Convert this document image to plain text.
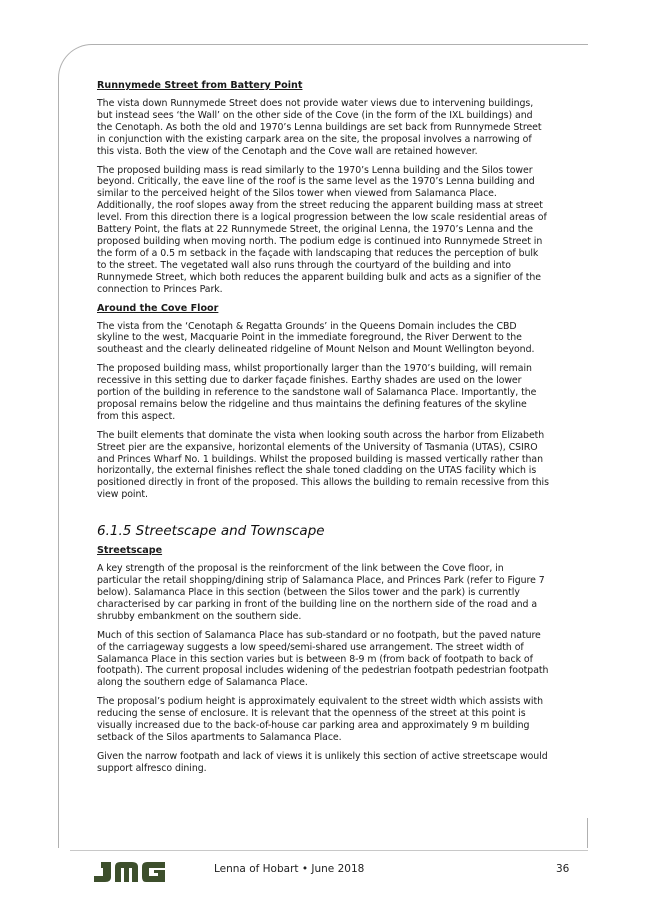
Runnymede Street from Battery Point

The vista down Runnymede Street does not provide water views due to intervening buildings, but instead sees ‘the Wall’ on the other side of the Cove (in the form of the IXL buildings) and the Cenotaph. As both the old and 1970’s Lenna buildings are set back from Runnymede Street in conjunction with the existing carpark area on the site, the proposal involves a narrowing of this vista. Both the view of the Cenotaph and the Cove wall are retained however.

The proposed building mass is read similarly to the 1970’s Lenna building and the Silos tower beyond. Critically, the eave line of the roof is the same level as the 1970’s Lenna building and similar to the perceived height of the Silos tower when viewed from Salamanca Place. Additionally, the roof slopes away from the street reducing the apparent building mass at street level. From this direction there is a logical progression between the low scale residential areas of Battery Point, the flats at 22 Runnymede Street, the original Lenna, the 1970’s Lenna and the proposed building when moving north. The podium edge is continued into Runnymede Street in the form of a 0.5 m setback in the façade with landscaping that reduces the perception of bulk to the street. The vegetated wall also runs through the courtyard of the building and into Runnymede Street, which both reduces the apparent building bulk and acts as a signifier of the connection to Princes Park.

Around the Cove Floor

The vista from the ‘Cenotaph & Regatta Grounds’ in the Queens Domain includes the CBD skyline to the west, Macquarie Point in the immediate foreground, the River Derwent to the southeast and the clearly delineated ridgeline of Mount Nelson and Mount Wellington beyond.

The proposed building mass, whilst proportionally larger than the 1970’s building, will remain recessive in this setting due to darker façade finishes. Earthy shades are used on the lower portion of the building in reference to the sandstone wall of Salamanca Place. Importantly, the proposal remains below the ridgeline and thus maintains the defining features of the skyline from this aspect.

The built elements that dominate the vista when looking south across the harbor from Elizabeth Street pier are the expansive, horizontal elements of the University of Tasmania (UTAS), CSIRO and Princes Wharf No. 1 buildings. Whilst the proposed building is massed vertically rather than horizontally, the external finishes reflect the shale toned cladding on the UTAS facility which is positioned directly in front of the proposed. This allows the building to remain recessive from this view point.

6.1.5 Streetscape and Townscape
Streetscape

A key strength of the proposal is the reinforcment of the link between the Cove floor, in particular the retail shopping/dining strip of Salamanca Place, and Princes Park (refer to Figure 7 below). Salamanca Place in this section (between the Silos tower and the park) is currently characterised by car parking in front of the building line on the northern side of the road and a shrubby embankment on the southern side.

Much of this section of Salamanca Place has sub-standard or no footpath, but the paved nature of the carriageway suggests a low speed/semi-shared use arrangement. The street width of Salamanca Place in this section varies but is between 8-9 m (from back of footpath to back of footpath). The current proposal includes widening of the pedestrian footpath pedestrian footpath along the southern edge of Salamanca Place.

The proposal’s podium height is approximately equivalent to the street width which assists with reducing the sense of enclosure. It is relevant that the openness of the street at this point is visually increased due to the back-of-house car parking area and approximately 9 m building setback of the Silos apartments to Salamanca Place.

Given the narrow footpath and lack of views it is unlikely this section of active streetscape would support alfresco dining.

Lenna of Hobart • June 2018	36
